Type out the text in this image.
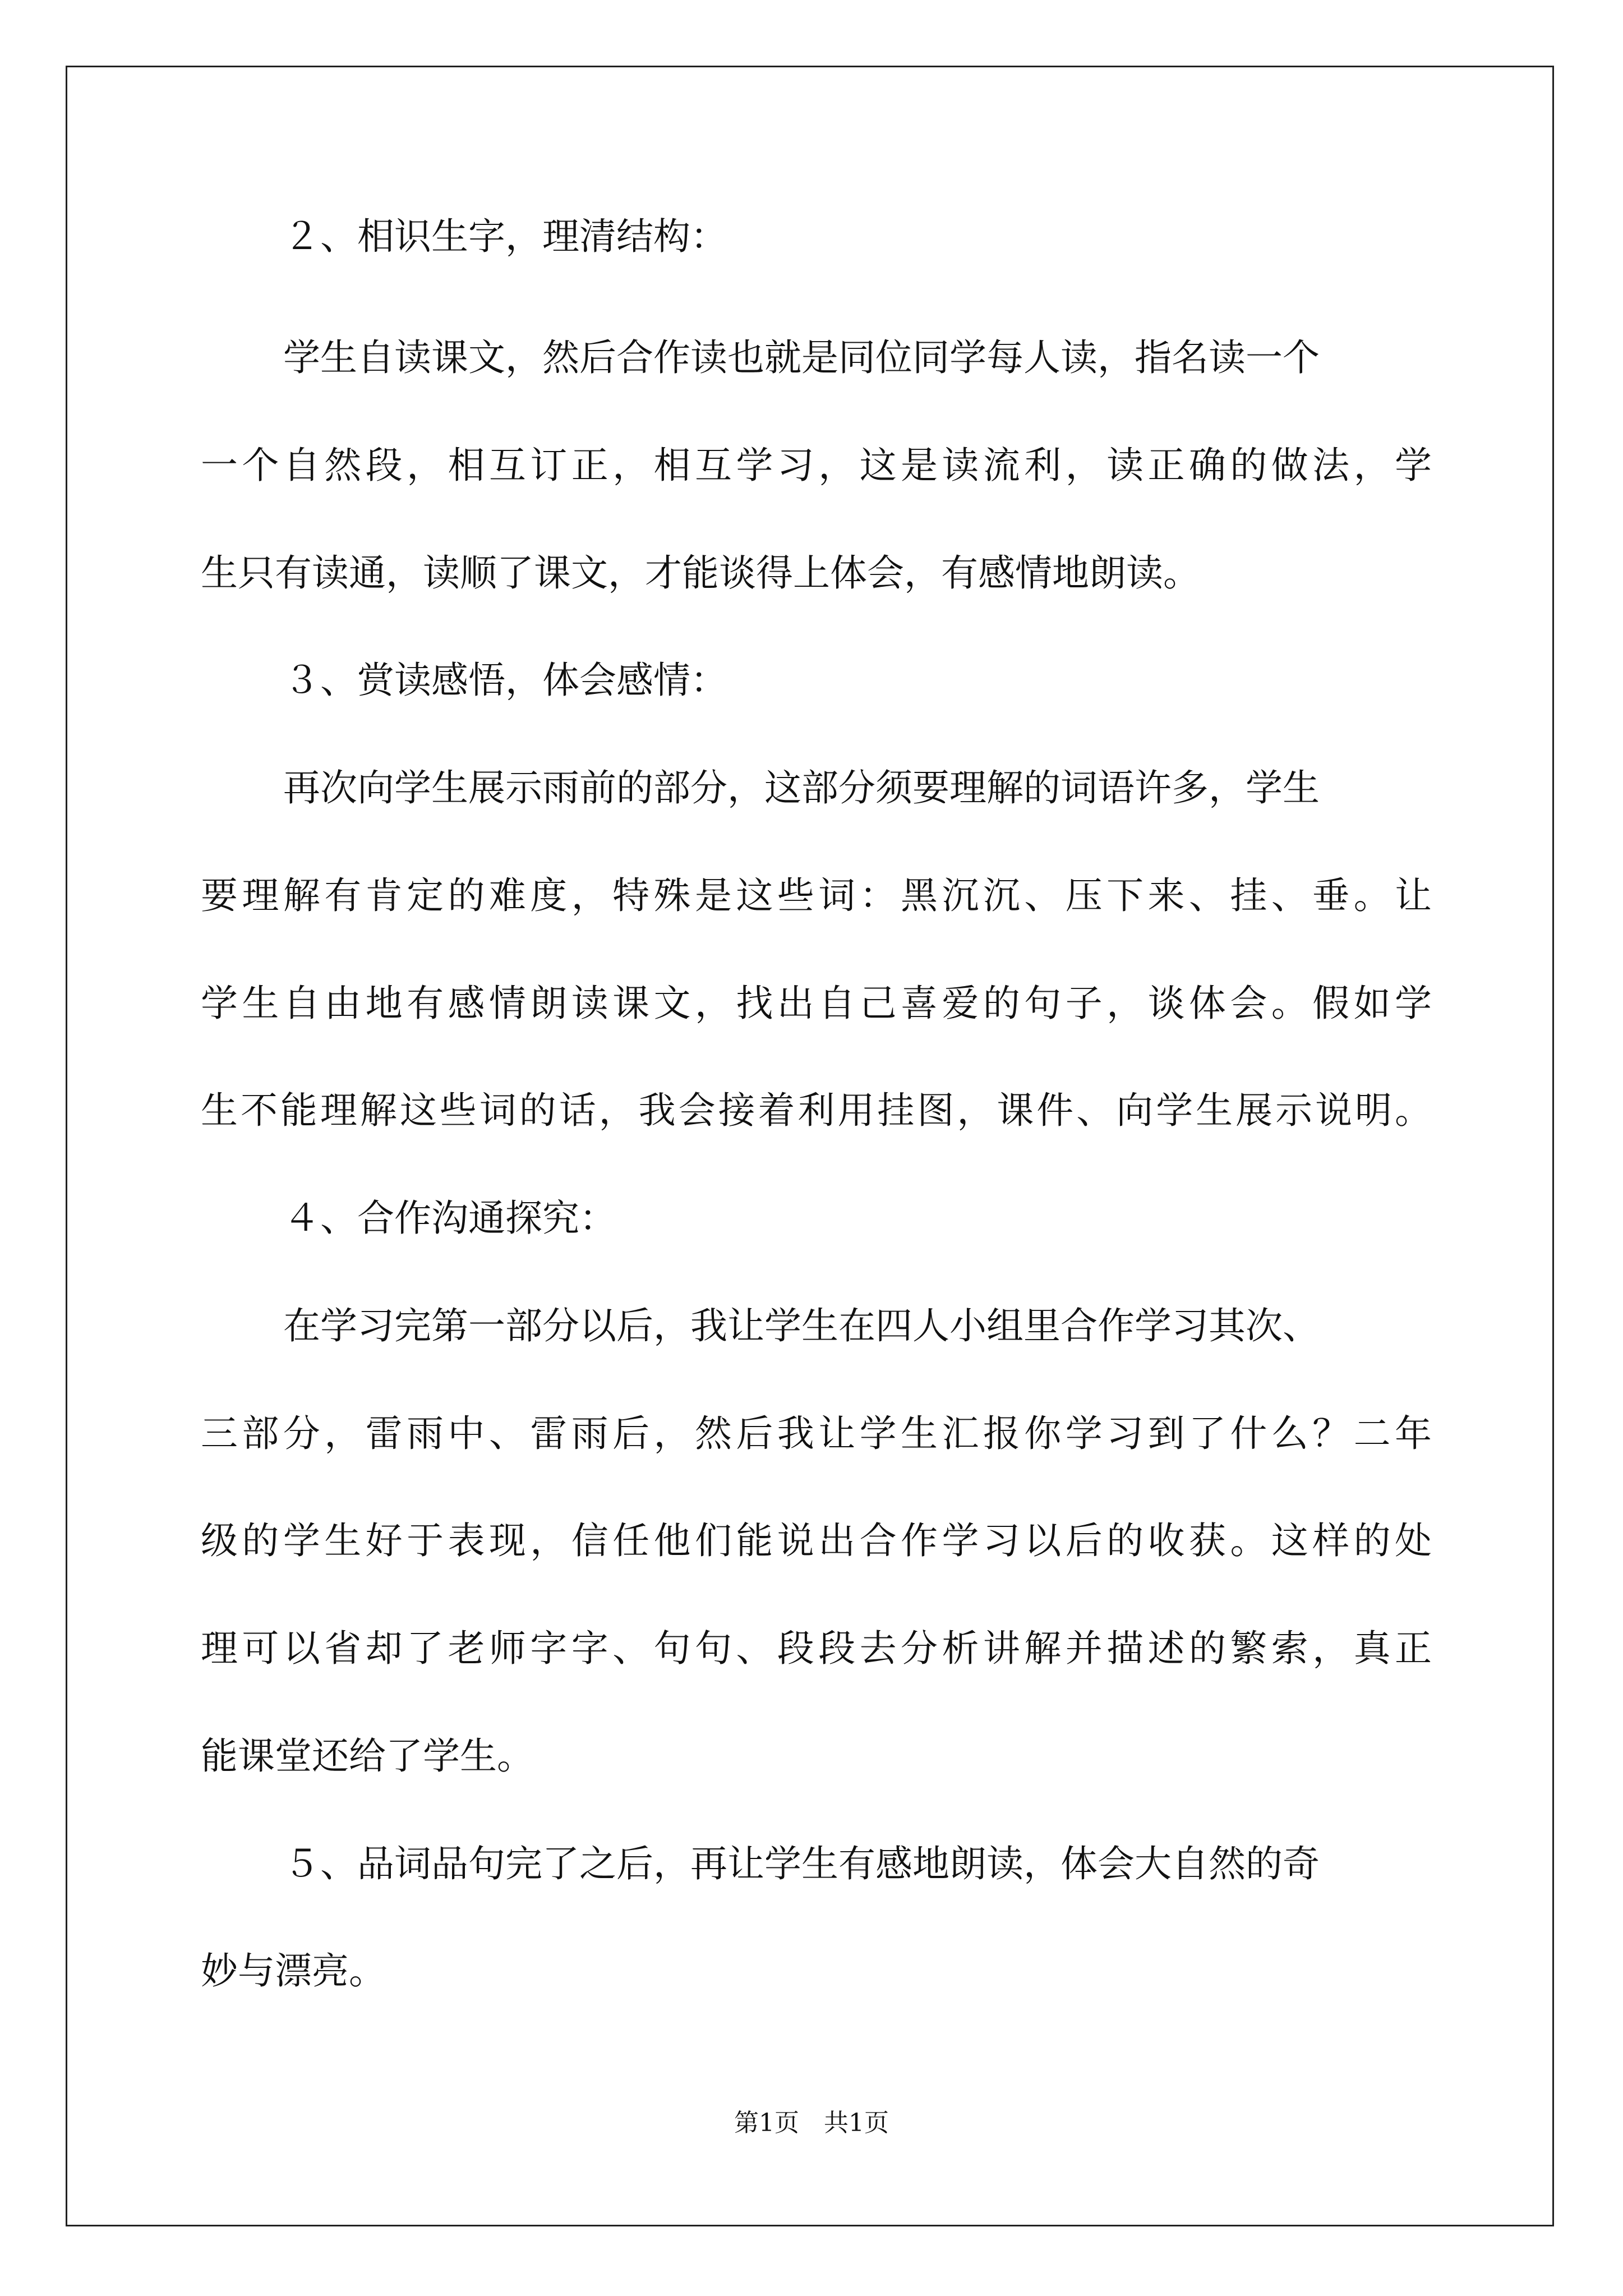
２、相识生字，理清结构：
学生自读课文，然后合作读也就是同位同学每人读，指名读一个
一个自然段，相互订正，相互学习，这是读流利，读正确的做法，学
生只有读通，读顺了课文，才能谈得上体会，有感情地朗读。
３、赏读感悟，体会感情：
再次向学生展示雨前的部分，这部分须要理解的词语许多，学生
要理解有肯定的难度，特殊是这些词：黑沉沉、压下来、挂、垂。让
学生自由地有感情朗读课文，找出自己喜爱的句子，谈体会。假如学
生不能理解这些词的话，我会接着利用挂图，课件、向学生展示说明。
４、合作沟通探究：
在学习完第一部分以后，我让学生在四人小组里合作学习其次、
三部分，雷雨中、雷雨后，然后我让学生汇报你学习到了什么？二年
级的学生好于表现，信任他们能说出合作学习以后的收获。这样的处
理可以省却了老师字字、句句、段段去分析讲解并描述的繁索，真正
能课堂还给了学生。
５、品词品句完了之后，再让学生有感地朗读，体会大自然的奇
妙与漂亮。
第1页　共1页
